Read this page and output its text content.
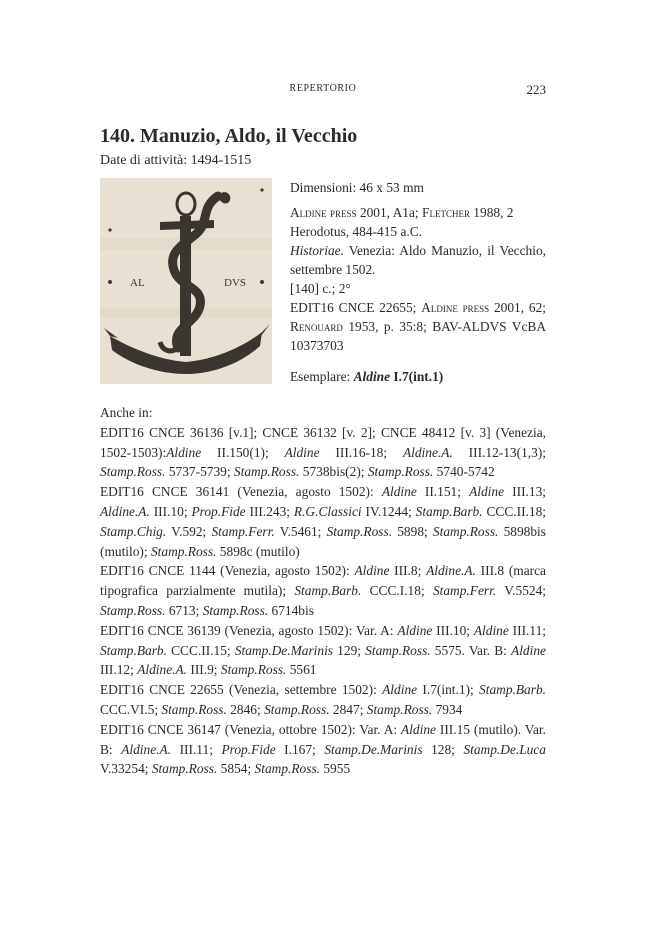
REPERTORIO	223
140. Manuzio, Aldo, il Vecchio
Date di attività: 1494-1515
AL	DVS

Dimensioni: 46 x 53 mm

Aldine press 2001, A1a; Fletcher 1988, 2

Herodotus, 484-415 a.C.

Historiae. Venezia: Aldo Manuzio, il Vecchio, settembre 1502.

[140] c.; 2°

EDIT16 CNCE 22655; Aldine press 2001, 62; Renouard 1953, p. 35:8; BAV-ALDVS VcBA 10373703

Esemplare: Aldine I.7(int.1)

Anche in:

EDIT16 CNCE 36136 [v.1]; CNCE 36132 [v. 2]; CNCE 48412 [v. 3] (Venezia, 1502-1503):Aldine II.150(1); Aldine III.16-18; Aldine.A. III.12-13(1,3); Stamp.Ross. 5737-5739; Stamp.Ross. 5738bis(2); Stamp.Ross. 5740-5742

EDIT16 CNCE 36141 (Venezia, agosto 1502): Aldine II.151; Aldine III.13; Aldine.A. III.10; Prop.Fide III.243; R.G.Classici IV.1244; Stamp.Barb. CCC.II.18; Stamp.Chig. V.592; Stamp.Ferr. V.5461; Stamp.Ross. 5898; Stamp.Ross. 5898bis (mutilo); Stamp.Ross. 5898c (mutilo)

EDIT16 CNCE 1144 (Venezia, agosto 1502): Aldine III.8; Aldine.A. III.8 (marca tipografica parzialmente mutila); Stamp.Barb. CCC.I.18; Stamp.Ferr. V.5524; Stamp.Ross. 6713; Stamp.Ross. 6714bis

EDIT16 CNCE 36139 (Venezia, agosto 1502): Var. A: Aldine III.10; Aldine III.11; Stamp.Barb. CCC.II.15; Stamp.De.Marinis 129; Stamp.Ross. 5575. Var. B: Aldine III.12; Aldine.A. III.9; Stamp.Ross. 5561

EDIT16 CNCE 22655 (Venezia, settembre 1502): Aldine I.7(int.1); Stamp.Barb. CCC.VI.5; Stamp.Ross. 2846; Stamp.Ross. 2847; Stamp.Ross. 7934

EDIT16 CNCE 36147 (Venezia, ottobre 1502): Var. A: Aldine III.15 (mutilo). Var. B: Aldine.A. III.11; Prop.Fide I.167; Stamp.De.Marinis 128; Stamp.De.Luca V.33254; Stamp.Ross. 5854; Stamp.Ross. 5955
